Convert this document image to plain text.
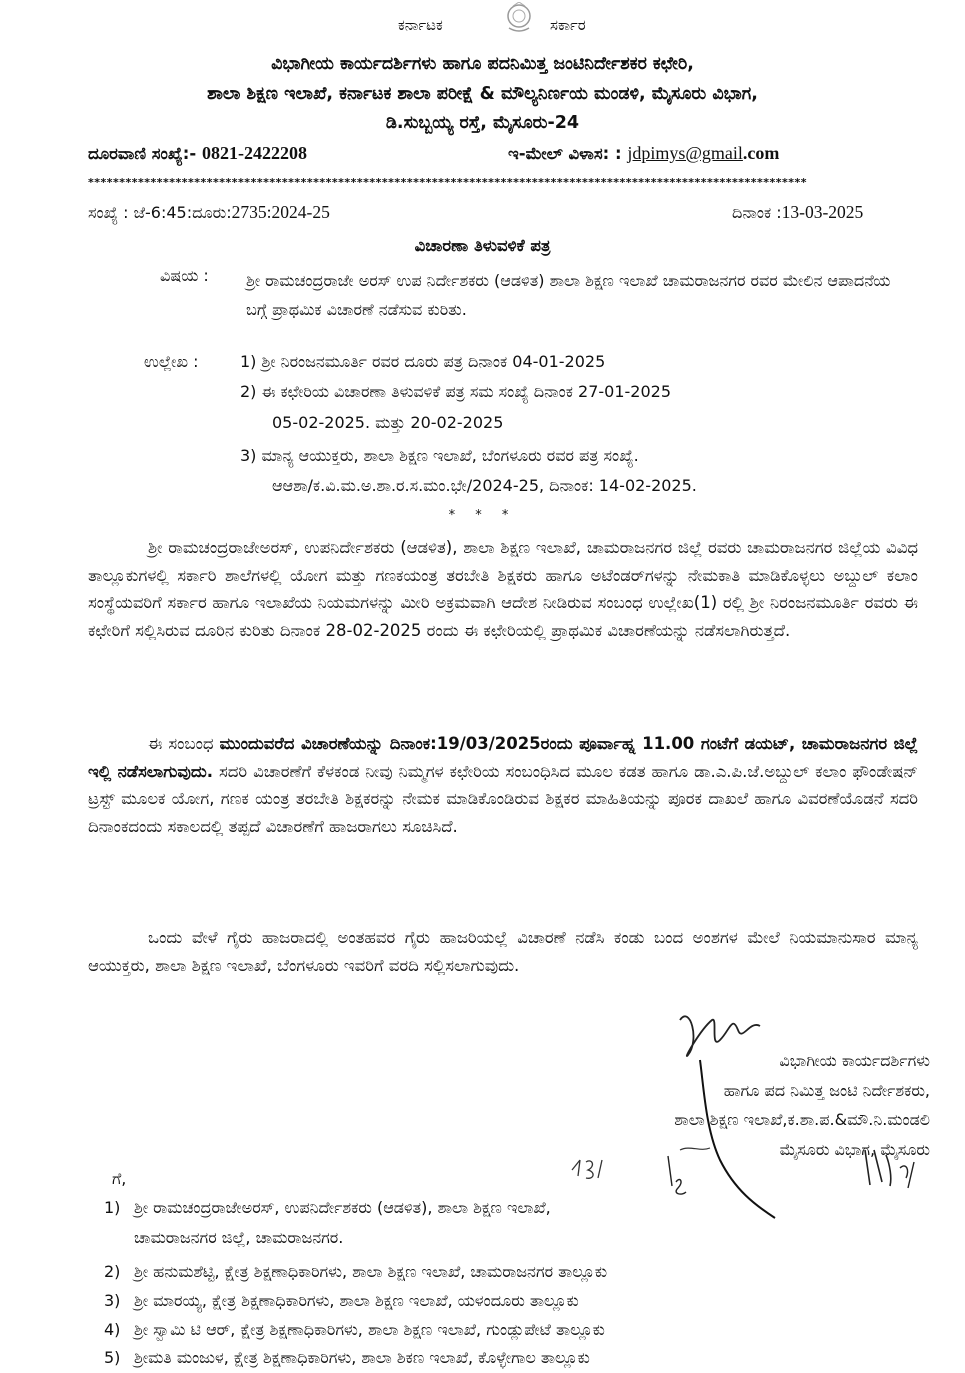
ಕರ್ನಾಟಕ	ಸರ್ಕಾರ
ವಿಭಾಗೀಯ ಕಾರ್ಯದರ್ಶಿಗಳು ಹಾಗೂ ಪದನಿಮಿತ್ತ ಜಂಟಿನಿರ್ದೇಶಕರ ಕಛೇರಿ,
ಶಾಲಾ ಶಿಕ್ಷಣ ಇಲಾಖೆ, ಕರ್ನಾಟಕ ಶಾಲಾ ಪರೀಕ್ಷೆ & ಮೌಲ್ಯನಿರ್ಣಯ ಮಂಡಳಿ, ಮೈಸೂರು ವಿಭಾಗ,
ಡಿ.ಸುಬ್ಬಯ್ಯ ರಸ್ತೆ, ಮೈಸೂರು-24
ದೂರವಾಣಿ ಸಂಖ್ಯೆ:- 0821-2422208	ಇ-ಮೇಲ್ ವಿಳಾಸ: : jdpimys@gmail.com
*******************************************************************************************************************
ಸಂಖ್ಯೆ : ಜೆ-6:45:ದೂರು:2735:2024-25	ದಿನಾಂಕ :13-03-2025
ವಿಚಾರಣಾ ತಿಳುವಳಿಕೆ ಪತ್ರ
ವಿಷಯ : ಶ್ರೀ ರಾಮಚಂದ್ರರಾಜೇ ಅರಸ್ ಉಪ ನಿರ್ದೇಶಕರು (ಆಡಳಿತ) ಶಾಲಾ ಶಿಕ್ಷಣ ಇಲಾಖೆ ಚಾಮರಾಜನಗರ ರವರ ಮೇಲಿನ ಆಪಾದನೆಯ ಬಗ್ಗೆ ಪ್ರಾಥಮಿಕ ವಿಚಾರಣೆ ನಡೆಸುವ ಕುರಿತು.
ಉಲ್ಲೇಖ :	1) ಶ್ರೀ ನಿರಂಜನಮೂರ್ತಿ ರವರ ದೂರು ಪತ್ರ ದಿನಾಂಕ 04-01-2025
2) ಈ ಕಛೇರಿಯ ವಿಚಾರಣಾ ತಿಳುವಳಿಕೆ ಪತ್ರ ಸಮ ಸಂಖ್ಯೆ ದಿನಾಂಕ 27-01-2025
05-02-2025. ಮತ್ತು 20-02-2025
3) ಮಾನ್ಯ ಆಯುಕ್ತರು, ಶಾಲಾ ಶಿಕ್ಷಣ ಇಲಾಖೆ, ಬೆಂಗಳೂರು ರವರ ಪತ್ರ ಸಂಖ್ಯೆ.
ಆಆಶಾ/ಕ.ವಿ.ಮ.ಅ.ಶಾ.ರ.ಸ.ಮಂ.ಭೇ/2024-25, ದಿನಾಂಕ: 14-02-2025.
* * *
ಶ್ರೀ ರಾಮಚಂದ್ರರಾಜೇಅರಸ್, ಉಪನಿರ್ದೇಶಕರು (ಆಡಳಿತ), ಶಾಲಾ ಶಿಕ್ಷಣ ಇಲಾಖೆ, ಚಾಮರಾಜನಗರ ಜಿಲ್ಲೆ ರವರು ಚಾಮರಾಜನಗರ ಜಿಲ್ಲೆಯ ವಿವಿಧ ತಾಲ್ಲೂಕುಗಳಲ್ಲಿ ಸರ್ಕಾರಿ ಶಾಲೆಗಳಲ್ಲಿ ಯೋಗ ಮತ್ತು ಗಣಕಯಂತ್ರ ತರಬೇತಿ ಶಿಕ್ಷಕರು ಹಾಗೂ ಅಟೆಂಡರ್‌ಗಳನ್ನು ನೇಮಕಾತಿ ಮಾಡಿಕೊಳ್ಳಲು ಅಬ್ದುಲ್ ಕಲಾಂ ಸಂಸ್ಥೆಯವರಿಗೆ ಸರ್ಕಾರ ಹಾಗೂ ಇಲಾಖೆಯ ನಿಯಮಗಳನ್ನು ಮೀರಿ ಅಕ್ರಮವಾಗಿ ಆದೇಶ ನೀಡಿರುವ ಸಂಬಂಧ ಉಲ್ಲೇಖ(1) ರಲ್ಲಿ ಶ್ರೀ ನಿರಂಜನಮೂರ್ತಿ ರವರು ಈ ಕಛೇರಿಗೆ ಸಲ್ಲಿಸಿರುವ ದೂರಿನ ಕುರಿತು ದಿನಾಂಕ 28-02-2025 ರಂದು ಈ ಕಛೇರಿಯಲ್ಲಿ ಪ್ರಾಥಮಿಕ ವಿಚಾರಣೆಯನ್ನು ನಡೆಸಲಾಗಿರುತ್ತದೆ.
ಈ ಸಂಬಂಧ ಮುಂದುವರೆದ ವಿಚಾರಣೆಯನ್ನು ದಿನಾಂಕ:19/03/2025ರಂದು ಪೂರ್ವಾಹ್ನ 11.00 ಗಂಟೆಗೆ ಡಯಟ್, ಚಾಮರಾಜನಗರ ಜಿಲ್ಲೆ ಇಲ್ಲಿ ನಡೆಸಲಾಗುವುದು. ಸದರಿ ವಿಚಾರಣೆಗೆ ಕೆಳಕಂಡ ನೀವು ನಿಮ್ಮಗಳ ಕಛೇರಿಯ ಸಂಬಂಧಿಸಿದ ಮೂಲ ಕಡತ ಹಾಗೂ ಡಾ.ಎ.ಪಿ.ಜೆ.ಅಬ್ದುಲ್ ಕಲಾಂ ಫೌಂಡೇಷನ್ ಟ್ರಸ್ಟ್ ಮೂಲಕ ಯೋಗ, ಗಣಕ ಯಂತ್ರ ತರಬೇತಿ ಶಿಕ್ಷಕರನ್ನು ನೇಮಕ ಮಾಡಿಕೊಂಡಿರುವ ಶಿಕ್ಷಕರ ಮಾಹಿತಿಯನ್ನು ಪೂರಕ ದಾಖಲೆ ಹಾಗೂ ವಿವರಣೆಯೊಡನೆ ಸದರಿ ದಿನಾಂಕದಂದು ಸಕಾಲದಲ್ಲಿ ತಪ್ಪದೆ ವಿಚಾರಣೆಗೆ ಹಾಜರಾಗಲು ಸೂಚಿಸಿದೆ.
ಒಂದು ವೇಳೆ ಗೈರು ಹಾಜರಾದಲ್ಲಿ ಅಂತಹವರ ಗೈರು ಹಾಜರಿಯಲ್ಲೆ ವಿಚಾರಣೆ ನಡೆಸಿ ಕಂಡು ಬಂದ ಅಂಶಗಳ ಮೇಲೆ ನಿಯಮಾನುಸಾರ ಮಾನ್ಯ ಆಯುಕ್ತರು, ಶಾಲಾ ಶಿಕ್ಷಣ ಇಲಾಖೆ, ಬೆಂಗಳೂರು ಇವರಿಗೆ ವರದಿ ಸಲ್ಲಿಸಲಾಗುವುದು.
ವಿಭಾಗೀಯ ಕಾರ್ಯದರ್ಶಿಗಳು
ಹಾಗೂ ಪದ ನಿಮಿತ್ತ ಜಂಟಿ ನಿರ್ದೇಶಕರು,
ಶಾಲಾ ಶಿಕ್ಷಣ ಇಲಾಖೆ,ಕ.ಶಾ.ಪ.&ಮೌ.ನಿ.ಮಂಡಲಿ
ಮೈಸೂರು ವಿಭಾಗ, ಮೈಸೂರು
ಗೆ,
1) ಶ್ರೀ ರಾಮಚಂದ್ರರಾಜೇಅರಸ್, ಉಪನಿರ್ದೇಶಕರು (ಆಡಳಿತ), ಶಾಲಾ ಶಿಕ್ಷಣ ಇಲಾಖೆ,
ಚಾಮರಾಜನಗರ ಜಿಲ್ಲೆ, ಚಾಮರಾಜನಗರ.
2) ಶ್ರೀ ಹನುಮಶೆಟ್ಟಿ, ಕ್ಷೇತ್ರ ಶಿಕ್ಷಣಾಧಿಕಾರಿಗಳು, ಶಾಲಾ ಶಿಕ್ಷಣ ಇಲಾಖೆ, ಚಾಮರಾಜನಗರ ತಾಲ್ಲೂಕು
3) ಶ್ರೀ ಮಾರಯ್ಯ, ಕ್ಷೇತ್ರ ಶಿಕ್ಷಣಾಧಿಕಾರಿಗಳು, ಶಾಲಾ ಶಿಕ್ಷಣ ಇಲಾಖೆ, ಯಳಂದೂರು ತಾಲ್ಲೂಕು
4) ಶ್ರೀ ಸ್ವಾಮಿ ಟಿ ಆರ್, ಕ್ಷೇತ್ರ ಶಿಕ್ಷಣಾಧಿಕಾರಿಗಳು, ಶಾಲಾ ಶಿಕ್ಷಣ ಇಲಾಖೆ, ಗುಂಡ್ಲುಪೇಟೆ ತಾಲ್ಲೂಕು
5) ಶ್ರೀಮತಿ ಮಂಜುಳ, ಕ್ಷೇತ್ರ ಶಿಕ್ಷಣಾಧಿಕಾರಿಗಳು, ಶಾಲಾ ಶಿಕಣ ಇಲಾಖೆ, ಕೊಳ್ಳೇಗಾಲ ತಾಲ್ಲೂಕು
